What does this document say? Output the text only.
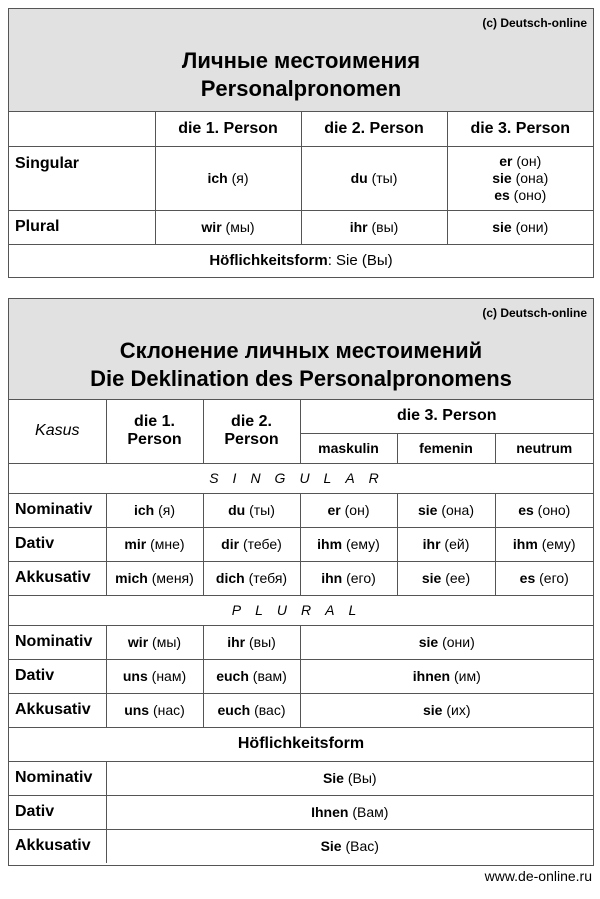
(c) Deutsch-online
Личные местоимения
Personalpronomen
	die 1. Person	die 2. Person	die 3. Person
Singular	ich (я)	du (ты)	er (он)
sie (она)
es (оно)

Plural	wir (мы)	ihr (вы)	sie (они)
Höflichkeitsform: Sie (Вы)			
(c) Deutsch-online
Склонение личных местоимений
Die Deklination des Personalpronomens
Kasus	die 1. Person	die 2. Person	die 3. Person		
			maskulin	femenin	neutrum
SINGULAR					
Nominativ	ich (я)	du (ты)	er (он)	sie (она)	es (оно)
Dativ	mir (мне)	dir (тебе)	ihm (ему)	ihr (ей)	ihm (ему)
Akkusativ	mich (меня)	dich (тебя)	ihn (его)	sie (ее)	es (его)
PLURAL					
Nominativ	wir (мы)	ihr (вы)	sie (они)		
Dativ	uns (нам)	euch (вам)	ihnen (им)		
Akkusativ	uns (нас)	euch (вас)	sie (их)		
Höflichkeitsform					
Nominativ	Sie (Вы)				
Dativ	Ihnen (Вам)				
Akkusativ	Sie (Вас)				
www.de-online.ru
